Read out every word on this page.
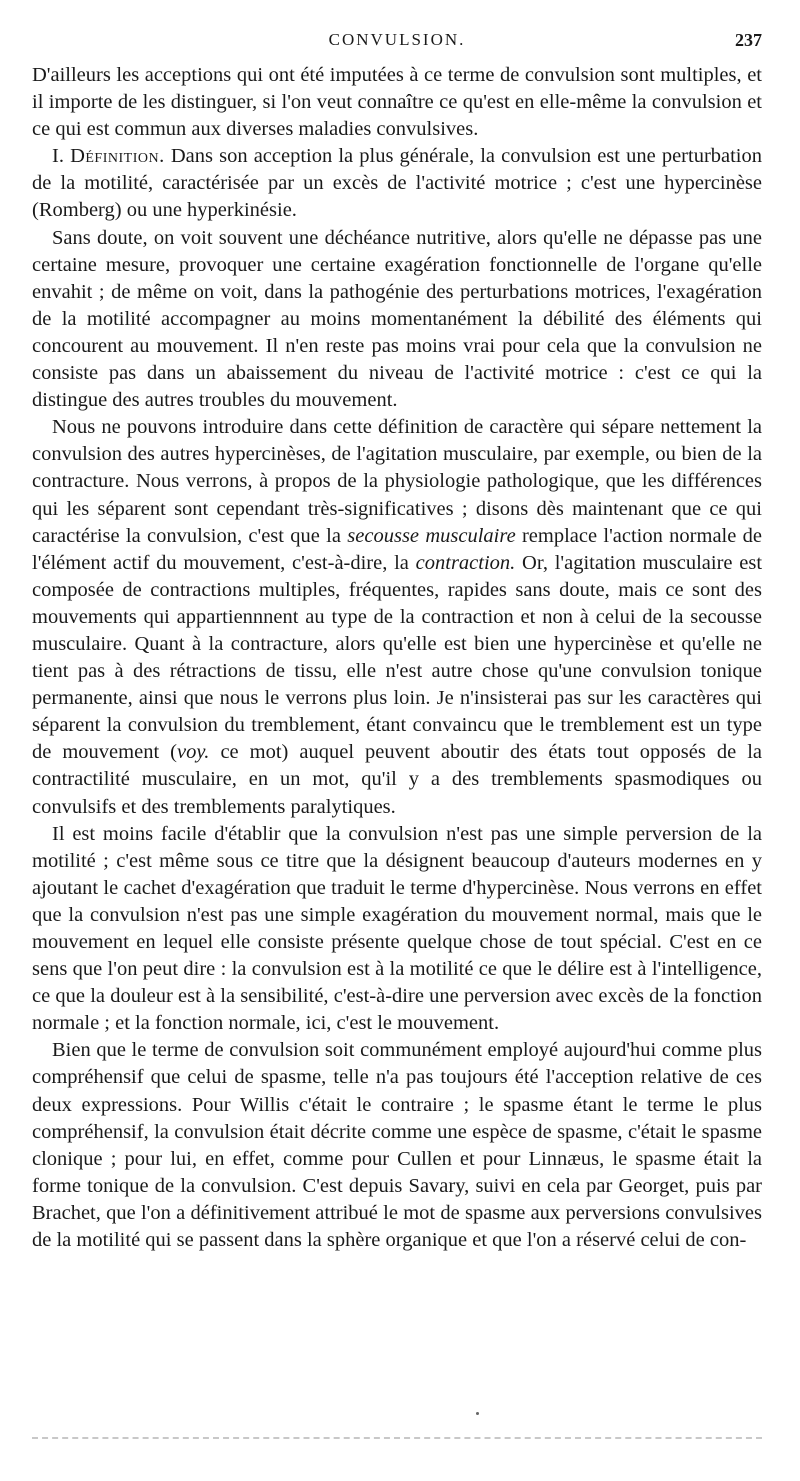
CONVULSION.	237

D'ailleurs les acceptions qui ont été imputées à ce terme de convulsion sont multiples, et il importe de les distinguer, si l'on veut connaître ce qu'est en elle-même la convulsion et ce qui est commun aux diverses maladies convulsives.

I. Définition. Dans son acception la plus générale, la convulsion est une perturbation de la motilité, caractérisée par un excès de l'activité motrice ; c'est une hypercinèse (Romberg) ou une hyperkinésie.

Sans doute, on voit souvent une déchéance nutritive, alors qu'elle ne dépasse pas une certaine mesure, provoquer une certaine exagération fonctionnelle de l'organe qu'elle envahit ; de même on voit, dans la pathogénie des perturbations motrices, l'exagération de la motilité accompagner au moins momentanément la débilité des éléments qui concourent au mouvement. Il n'en reste pas moins vrai pour cela que la convulsion ne consiste pas dans un abaissement du niveau de l'activité motrice : c'est ce qui la distingue des autres troubles du mouvement.

Nous ne pouvons introduire dans cette définition de caractère qui sépare nettement la convulsion des autres hypercinèses, de l'agitation musculaire, par exemple, ou bien de la contracture. Nous verrons, à propos de la physiologie pathologique, que les différences qui les séparent sont cependant très-significatives ; disons dès maintenant que ce qui caractérise la convulsion, c'est que la secousse musculaire remplace l'action normale de l'élément actif du mouvement, c'est-à-dire, la contraction. Or, l'agitation musculaire est composée de contractions multiples, fréquentes, rapides sans doute, mais ce sont des mouvements qui appartiennnent au type de la contraction et non à celui de la secousse musculaire. Quant à la contracture, alors qu'elle est bien une hypercinèse et qu'elle ne tient pas à des rétractions de tissu, elle n'est autre chose qu'une convulsion tonique permanente, ainsi que nous le verrons plus loin. Je n'insisterai pas sur les caractères qui séparent la convulsion du tremblement, étant convaincu que le tremblement est un type de mouvement (voy. ce mot) auquel peuvent aboutir des états tout opposés de la contractilité musculaire, en un mot, qu'il y a des tremblements spasmodiques ou convulsifs et des tremblements paralytiques.

Il est moins facile d'établir que la convulsion n'est pas une simple perversion de la motilité ; c'est même sous ce titre que la désignent beaucoup d'auteurs modernes en y ajoutant le cachet d'exagération que traduit le terme d'hypercinèse. Nous verrons en effet que la convulsion n'est pas une simple exagération du mouvement normal, mais que le mouvement en lequel elle consiste présente quelque chose de tout spécial. C'est en ce sens que l'on peut dire : la convulsion est à la motilité ce que le délire est à l'intelligence, ce que la douleur est à la sensibilité, c'est-à-dire une perversion avec excès de la fonction normale ; et la fonction normale, ici, c'est le mouvement.

Bien que le terme de convulsion soit communément employé aujourd'hui comme plus compréhensif que celui de spasme, telle n'a pas toujours été l'acception relative de ces deux expressions. Pour Willis c'était le contraire ; le spasme étant le terme le plus compréhensif, la convulsion était décrite comme une espèce de spasme, c'était le spasme clonique ; pour lui, en effet, comme pour Cullen et pour Linnæus, le spasme était la forme tonique de la convulsion. C'est depuis Savary, suivi en cela par Georget, puis par Brachet, que l'on a définitivement attribué le mot de spasme aux perversions convulsives de la motilité qui se passent dans la sphère organique et que l'on a réservé celui de con-
